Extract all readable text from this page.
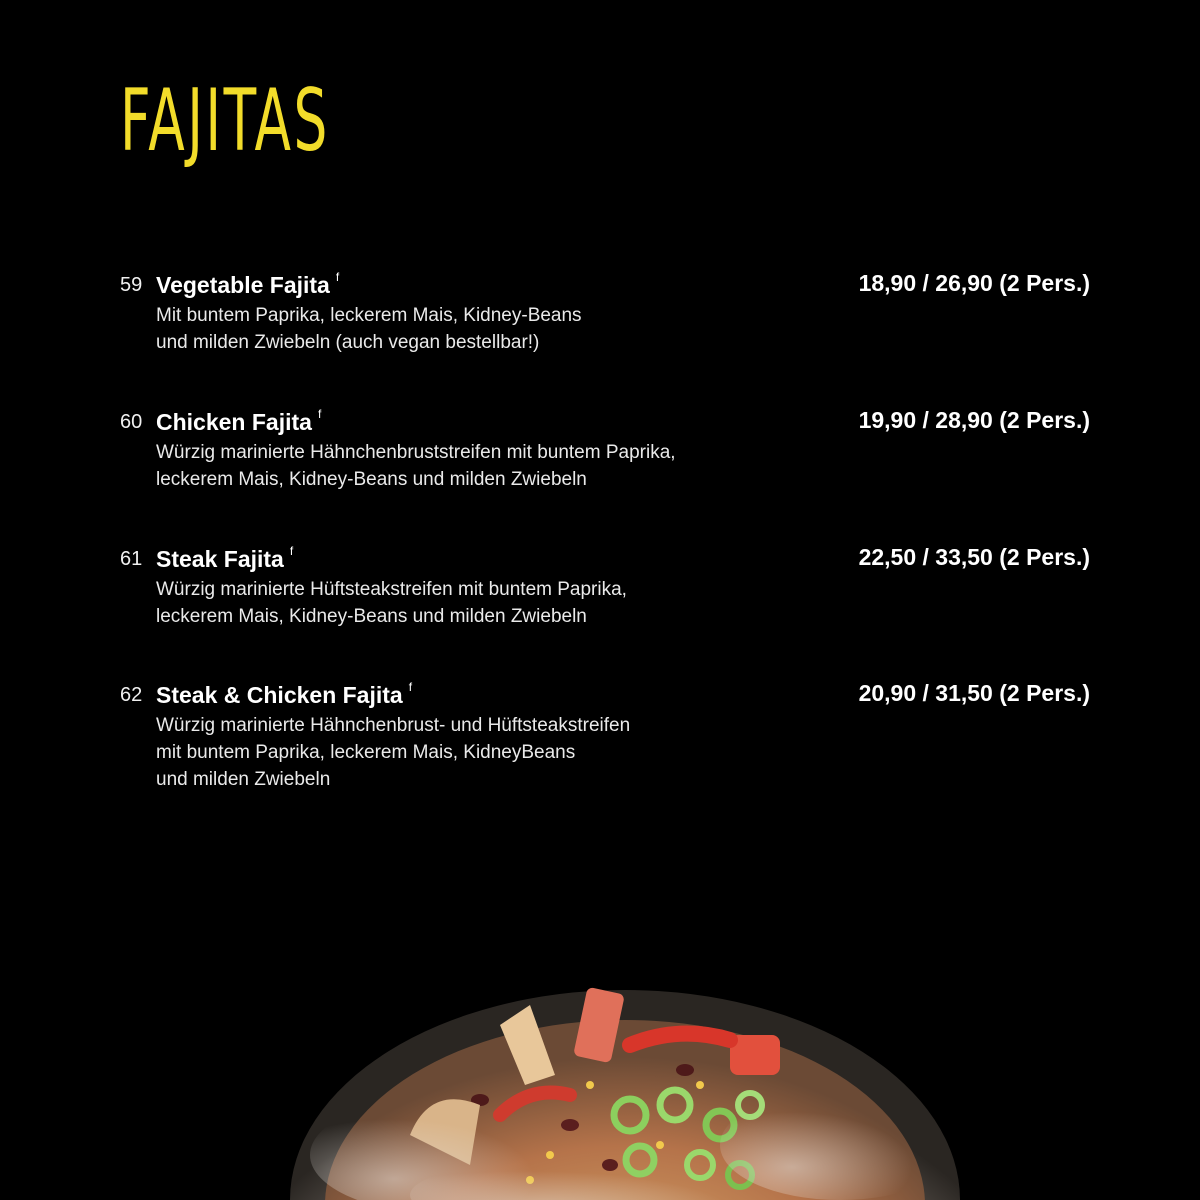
FAJITAS
59 Vegetable Fajita $^f$	18,90 / 26,90 (2 Pers.)

Mit buntem Paprika, leckerem Mais, Kidney-Beans
und milden Zwiebeln (auch vegan bestellbar!)

60 Chicken Fajita $^f$	19,90 / 28,90 (2 Pers.)

Würzig marinierte Hähnchenbruststreifen mit buntem Paprika,
leckerem Mais, Kidney-Beans und milden Zwiebeln

61 Steak Fajita $^f$	22,50 / 33,50 (2 Pers.)

Würzig marinierte Hüftsteakstreifen mit buntem Paprika,
leckerem Mais, Kidney-Beans und milden Zwiebeln

62 Steak & Chicken Fajita $^f$	20,90 / 31,50 (2 Pers.)

Würzig marinierte Hähnchenbrust- und Hüftsteakstreifen
mit buntem Paprika, leckerem Mais, KidneyBeans
und milden Zwiebeln
